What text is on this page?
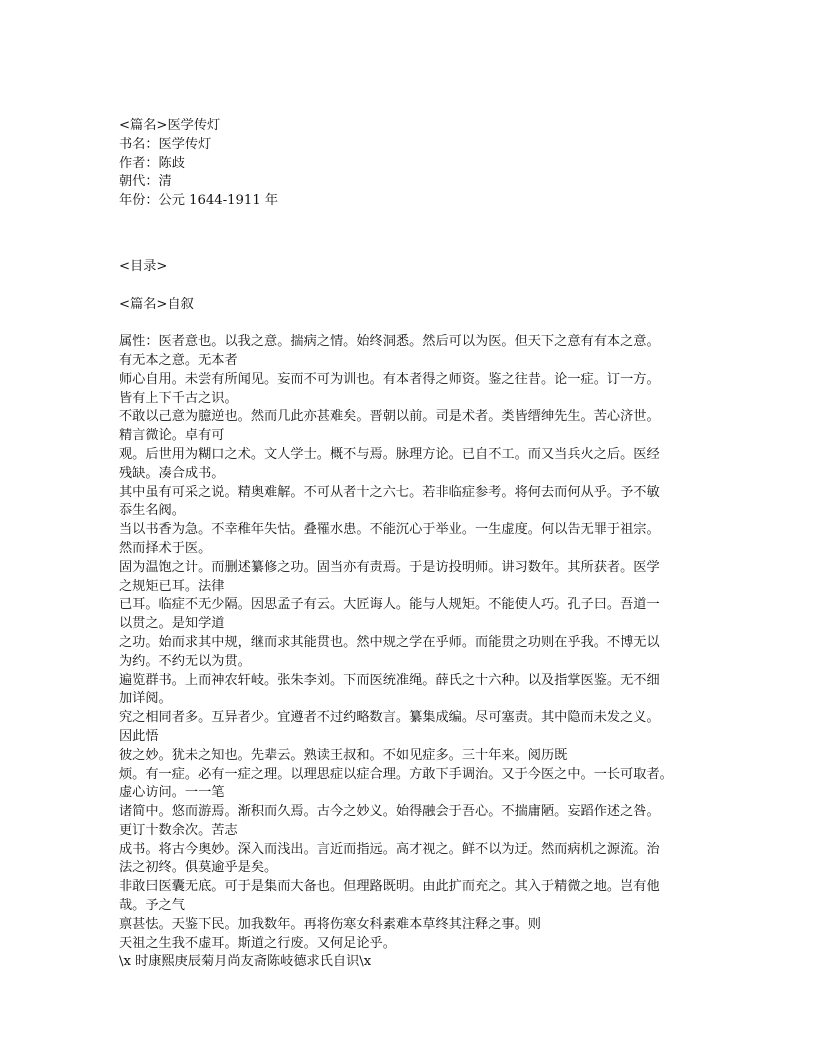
<篇名>医学传灯
书名：医学传灯
作者：陈歧
朝代：清
年份：公元 1644-1911 年
<目录>
<篇名>自叙
属性：医者意也。以我之意。揣病之情。始终洞悉。然后可以为医。但天下之意有有本之意。
有无本之意。无本者
师心自用。未尝有所闻见。妄而不可为训也。有本者得之师资。鉴之往昔。论一症。订一方。
皆有上下千古之识。
不敢以己意为臆逆也。然而几此亦甚难矣。晋朝以前。司是术者。类皆缙绅先生。苦心济世。
精言微论。卓有可
观。后世用为糊口之术。文人学士。概不与焉。脉理方论。已自不工。而又当兵火之后。医经
残缺。凑合成书。
其中虽有可采之说。精奥难解。不可从者十之六七。若非临症参考。将何去而何从乎。予不敏
忝生名阀。
当以书香为急。不幸稚年失怙。叠罹水患。不能沉心于举业。一生虚度。何以告无罪于祖宗。
然而择术于医。
固为温饱之计。而删述纂修之功。固当亦有责焉。于是访投明师。讲习数年。其所获者。医学
之规矩已耳。法律
已耳。临症不无少隔。因思孟子有云。大匠诲人。能与人规矩。不能使人巧。孔子曰。吾道一
以贯之。是知学道
之功。始而求其中规，继而求其能贯也。然中规之学在乎师。而能贯之功则在乎我。不博无以
为约。不约无以为贯。
遍览群书。上而神农轩岐。张朱李刘。下而医统准绳。薛氏之十六种。以及指掌医鉴。无不细
加详阅。
究之相同者多。互异者少。宜遵者不过约略数言。纂集成编。尽可塞责。其中隐而未发之义。
因此悟
彼之妙。犹未之知也。先辈云。熟读王叔和。不如见症多。三十年来。阅历既
烦。有一症。必有一症之理。以理思症以症合理。方敢下手调治。又于今医之中。一长可取者。
虚心访问。一一笔
诸简中。悠而游焉。渐积而久焉。古今之妙义。始得融会于吾心。不揣庸陋。妄蹈作述之咎。
更订十数余次。苦志
成书。将古今奥妙。深入而浅出。言近而指远。高才视之。鲜不以为迂。然而病机之源流。治
法之初终。俱莫逾乎是矣。
非敢曰医囊无底。可于是集而大备也。但理路既明。由此扩而充之。其入于精微之地。岂有他
哉。予之气
禀甚怯。天鉴下民。加我数年。再将伤寒女科素难本草终其注释之事。则
天祖之生我不虚耳。斯道之行废。又何足论乎。
\x 时康熙庚辰菊月尚友斋陈岐德求氏自识\x
